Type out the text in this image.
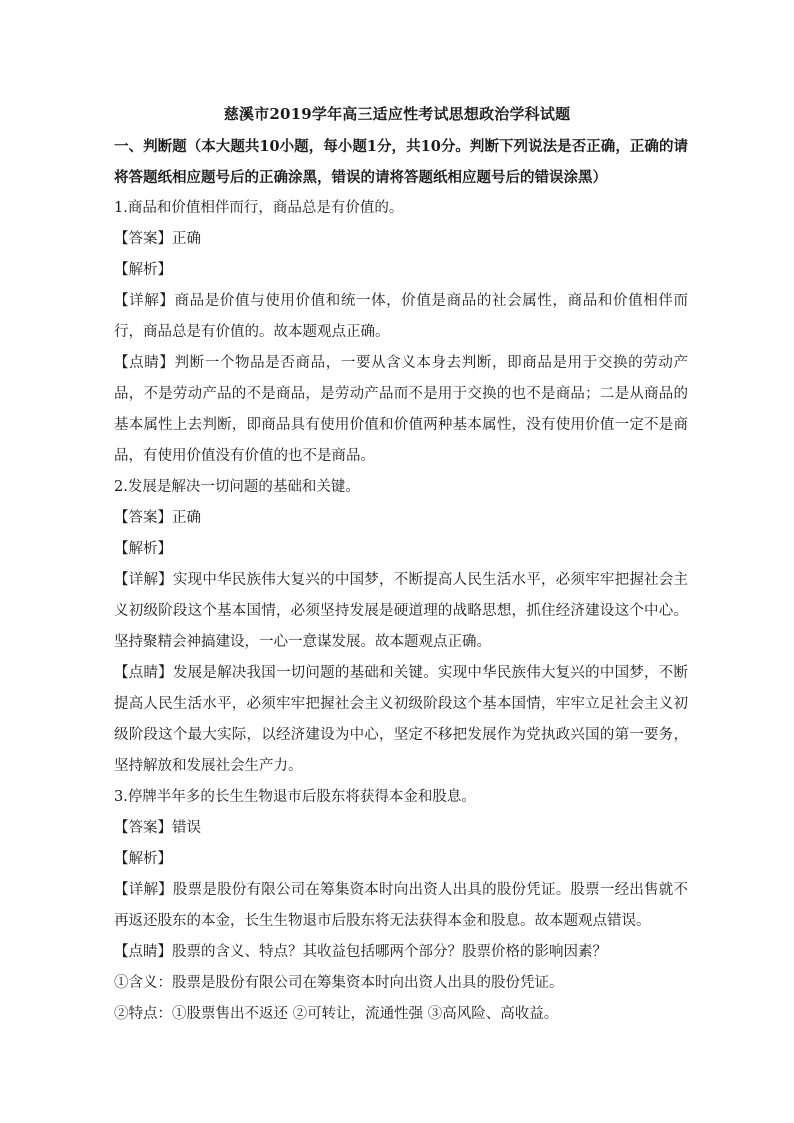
慈溪市2019学年高三适应性考试思想政治学科试题

一、判断题（本大题共10小题，每小题1分，共10分。判断下列说法是否正确，正确的请将答题纸相应题号后的正确涂黑，错误的请将答题纸相应题号后的错误涂黑）

1.商品和价值相伴而行，商品总是有价值的。

【答案】正确

【解析】

【详解】商品是价值与使用价值和统一体，价值是商品的社会属性，商品和价值相伴而行，商品总是有价值的。故本题观点正确。

【点睛】判断一个物品是否商品，一要从含义本身去判断，即商品是用于交换的劳动产品，不是劳动产品的不是商品，是劳动产品而不是用于交换的也不是商品；二是从商品的基本属性上去判断，即商品具有使用价值和价值两种基本属性，没有使用价值一定不是商品，有使用价值没有价值的也不是商品。

2.发展是解决一切问题的基础和关键。

【答案】正确

【解析】

【详解】实现中华民族伟大复兴的中国梦，不断提高人民生活水平，必须牢牢把握社会主义初级阶段这个基本国情，必须坚持发展是硬道理的战略思想，抓住经济建设这个中心。坚持聚精会神搞建设，一心一意谋发展。故本题观点正确。

【点睛】发展是解决我国一切问题的基础和关键。实现中华民族伟大复兴的中国梦，不断提高人民生活水平，必须牢牢把握社会主义初级阶段这个基本国情，牢牢立足社会主义初级阶段这个最大实际，以经济建设为中心，坚定不移把发展作为党执政兴国的第一要务，坚持解放和发展社会生产力。

3.停牌半年多的长生生物退市后股东将获得本金和股息。

【答案】错误

【解析】

【详解】股票是股份有限公司在筹集资本时向出资人出具的股份凭证。股票一经出售就不再返还股东的本金，长生生物退市后股东将无法获得本金和股息。故本题观点错误。

【点睛】股票的含义、特点？其收益包括哪两个部分？股票价格的影响因素？

①含义：股票是股份有限公司在筹集资本时向出资人出具的股份凭证。

②特点：①股票售出不返还 ②可转让，流通性强 ③高风险、高收益。
